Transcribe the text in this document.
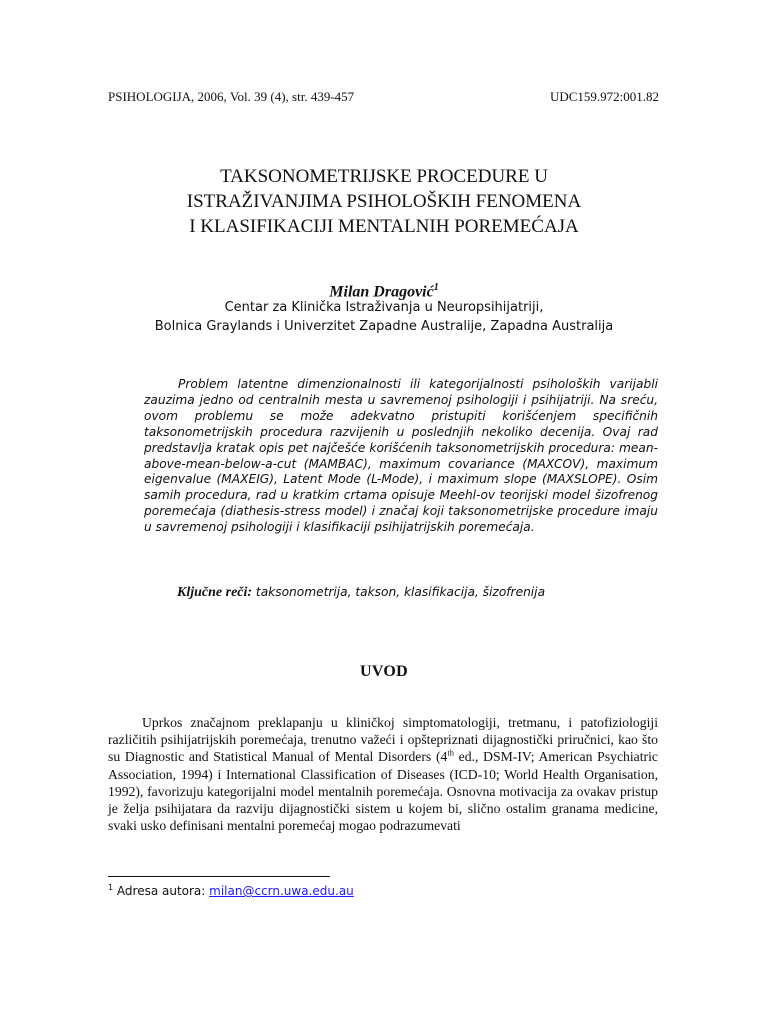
PSIHOLOGIJA, 2006, Vol. 39 (4), str. 439-457	UDC159.972:001.82
TAKSONOMETRIJSKE PROCEDURE U
ISTRAŽIVANJIMA PSIHOLOŠKIH FENOMENA
I KLASIFIKACIJI MENTALNIH POREMEĆAJA
Milan Dragović$^1$
Centar za Klinička Istraživanja u Neuropsihijatriji,
Bolnica Graylands i Univerzitet Zapadne Australije, Zapadna Australija

Problem latentne dimenzionalnosti ili kategorijalnosti psiholoških varijabli zauzima jedno od centralnih mesta u savremenoj psihologiji i psihijatriji. Na sreću, ovom problemu se može adekvatno pristupiti korišćenjem specifičnih taksonometrijskih procedura razvijenih u poslednjih nekoliko decenija. Ovaj rad predstavlja kratak opis pet najčešće korišćenih taksonometrijskih procedura: mean-above-mean-below-a-cut (MAMBAC), maximum covariance (MAXCOV), maximum eigenvalue (MAXEIG), Latent Mode (L-Mode), i maximum slope (MAXSLOPE). Osim samih procedura, rad u kratkim crtama opisuje Meehl-ov teorijski model šizofrenog poremećaja (diathesis-stress model) i značaj koji taksonometrijske procedure imaju u savremenoj psihologiji i klasifikaciji psihijatrijskih poremećaja.

Ključne reči: taksonometrija, takson, klasifikacija, šizofrenija
UVOD

Uprkos značajnom preklapanju u kliničkoj simptomatologiji, tretmanu, i patofiziologiji različitih psihijatrijskih poremećaja, trenutno važeći i opštepriznati dijagnostički priručnici, kao što su Diagnostic and Statistical Manual of Mental Disorders (4th ed., DSM-IV; American Psychiatric Association, 1994) i International Classification of Diseases (ICD-10; World Health Organisation, 1992), favorizuju kategorijalni model mentalnih poremećaja. Osnovna motivacija za ovakav pristup je želja psihijatara da razviju dijagnostički sistem u kojem bi, slično ostalim granama medicine, svaki usko definisani mentalni poremećaj mogao podrazumevati

$^1$ Adresa autora: milan@ccrn.uwa.edu.au
